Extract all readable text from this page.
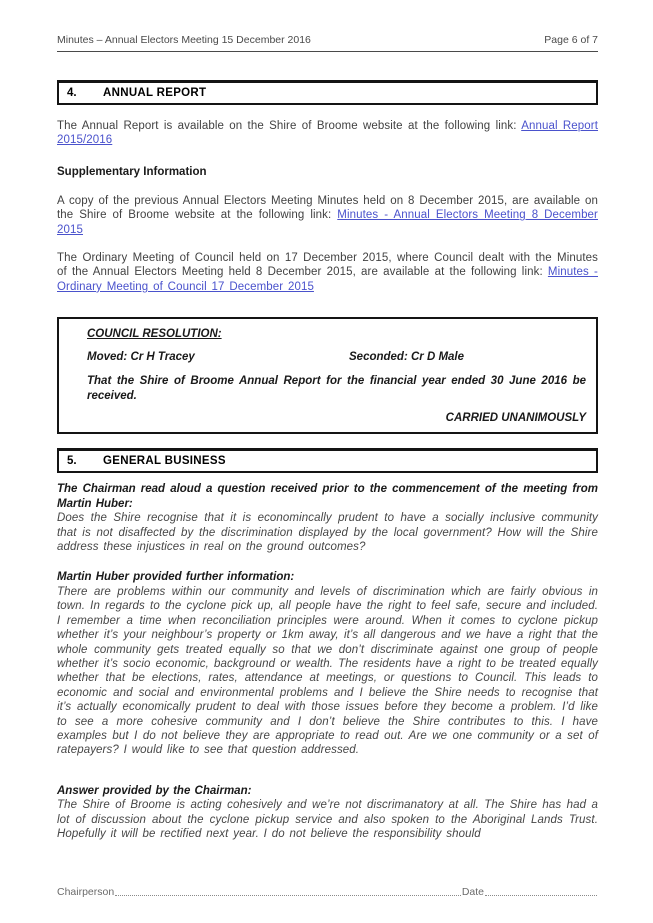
Minutes – Annual Electors Meeting 15 December 2016	Page 6 of 7
4.	ANNUAL REPORT

The Annual Report is available on the Shire of Broome website at the following link: Annual Report 2015/2016

Supplementary Information

A copy of the previous Annual Electors Meeting Minutes held on 8 December 2015, are available on the Shire of Broome website at the following link: Minutes - Annual Electors Meeting 8 December 2015

The Ordinary Meeting of Council held on 17 December 2015, where Council dealt with the Minutes of the Annual Electors Meeting held 8 December 2015, are available at the following link: Minutes - Ordinary Meeting of Council 17 December 2015

COUNCIL RESOLUTION:
Moved: Cr H Tracey	Seconded: Cr D Male
That the Shire of Broome Annual Report for the financial year ended 30 June 2016 be received.
CARRIED UNANIMOUSLY
5.	GENERAL BUSINESS
The Chairman read aloud a question received prior to the commencement of the meeting from Martin Huber:
Does the Shire recognise that it is economincally prudent to have a socially inclusive community that is not disaffected by the discrimination displayed by the local government? How will the Shire address these injustices in real on the ground outcomes?
Martin Huber provided further information:
There are problems within our community and levels of discrimination which are fairly obvious in town. In regards to the cyclone pick up, all people have the right to feel safe, secure and included. I remember a time when reconciliation principles were around. When it comes to cyclone pickup whether it’s your neighbour’s property or 1km away, it’s all dangerous and we have a right that the whole community gets treated equally so that we don’t discriminate against one group of people whether it’s socio economic, background or wealth. The residents have a right to be treated equally whether that be elections, rates, attendance at meetings, or questions to Council. This leads to economic and social and environmental problems and I believe the Shire needs to recognise that it’s actually economically prudent to deal with those issues before they become a problem. I’d like to see a more cohesive community and I don’t believe the Shire contributes to this. I have examples but I do not believe they are appropriate to read out. Are we one community or a set of ratepayers? I would like to see that question addressed.
Answer provided by the Chairman:
The Shire of Broome is acting cohesively and we’re not discrimanatory at all. The Shire has had a lot of discussion about the cyclone pickup service and also spoken to the Aboriginal Lands Trust. Hopefully it will be rectified next year. I do not believe the responsibility should
Chairperson	Date
